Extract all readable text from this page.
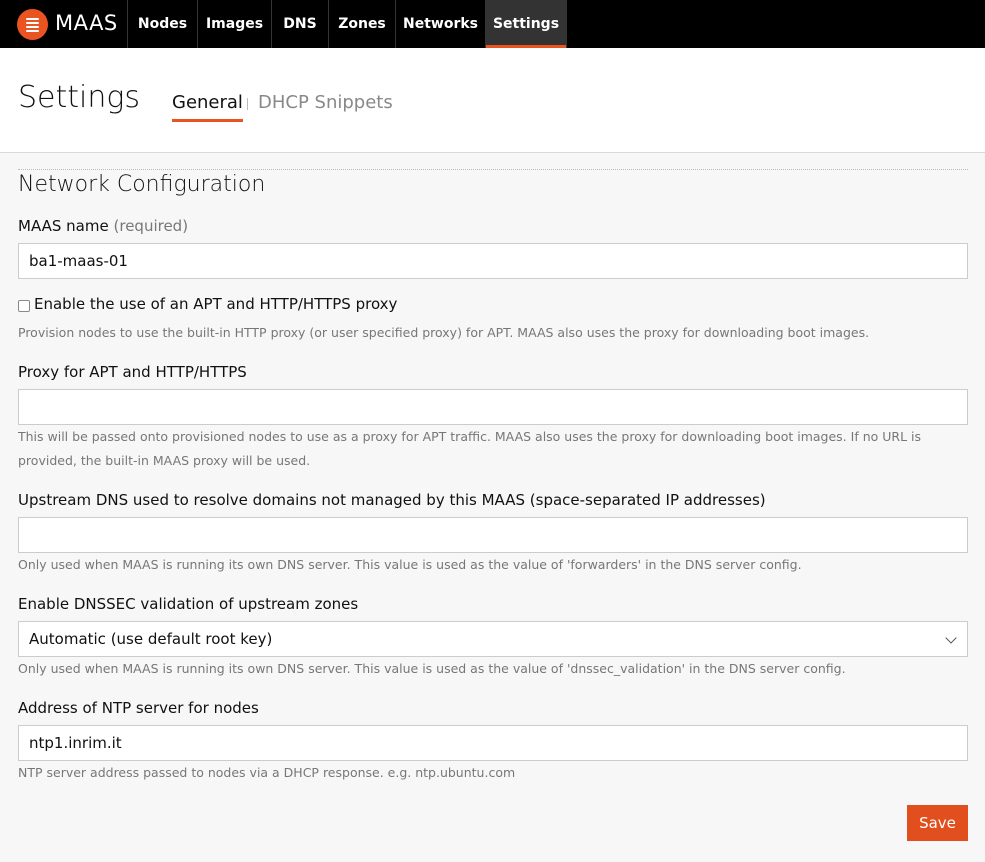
MAAS	Nodes	Images	DNS	Zones	Networks	Settings
Settings General DHCP Snippets
Network Configuration
MAAS name (required)
ba1-maas-01
Enable the use of an APT and HTTP/HTTPS proxy
Provision nodes to use the built-in HTTP proxy (or user specified proxy) for APT. MAAS also uses the proxy for downloading boot images.
Proxy for APT and HTTP/HTTPS
This will be passed onto provisioned nodes to use as a proxy for APT traffic. MAAS also uses the proxy for downloading boot images. If no URL is provided, the built-in MAAS proxy will be used.
Upstream DNS used to resolve domains not managed by this MAAS (space-separated IP addresses)
Only used when MAAS is running its own DNS server. This value is used as the value of 'forwarders' in the DNS server config.
Enable DNSSEC validation of upstream zones
Automatic (use default root key)
Only used when MAAS is running its own DNS server. This value is used as the value of 'dnssec_validation' in the DNS server config.
Address of NTP server for nodes
ntp1.inrim.it
NTP server address passed to nodes via a DHCP response. e.g. ntp.ubuntu.com
Save
